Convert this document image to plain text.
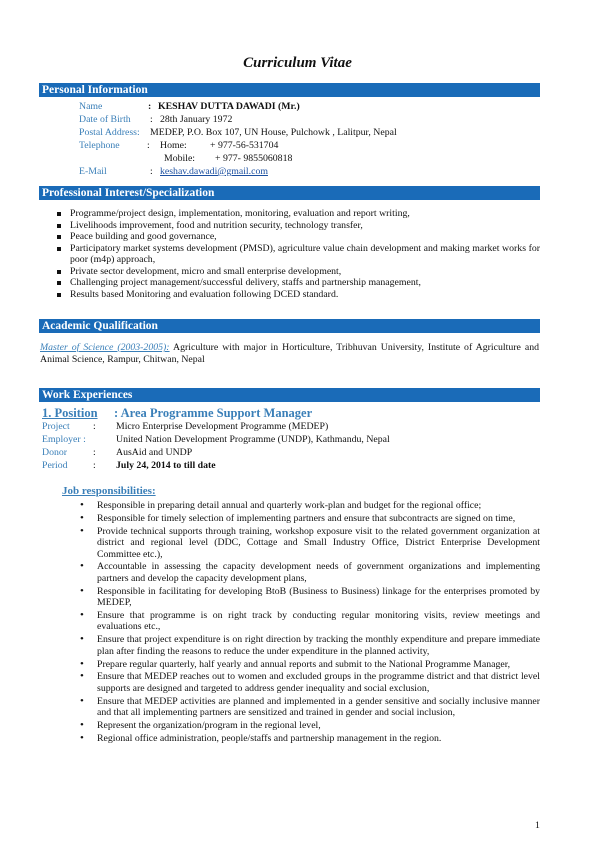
Curriculum Vitae
Personal Information
Name	: KESHAV DUTTA DAWADI (Mr.)
Date of Birth : 28th January 1972
Postal Address: MEDEP, P.O. Box 107, UN House, Pulchowk , Lalitpur, Nepal
Telephone	: Home: + 977-56-531704
Mobile: + 977- 9855060818
E-Mail	: keshav.dawadi@gmail.com
Professional Interest/Specialization
Programme/project design, implementation, monitoring, evaluation and report writing,
Livelihoods improvement, food and nutrition security, technology transfer,
Peace building and good governance,
Participatory market systems development (PMSD), agriculture value chain development and making market works for poor (m4p) approach,
Private sector development, micro and small enterprise development,
Challenging project management/successful delivery, staffs and partnership management,
Results based Monitoring and evaluation following DCED standard.
Academic Qualification
Master of Science (2003-2005): Agriculture with major in Horticulture, Tribhuvan University, Institute of Agriculture and Animal Science, Rampur, Chitwan, Nepal
Work Experiences
1. Position : Area Programme Support Manager
Project : Micro Enterprise Development Programme (MEDEP)
Employer :	United Nation Development Programme (UNDP), Kathmandu, Nepal
Donor	: AusAid and UNDP
Period	: July 24, 2014 to till date
Job responsibilities:
• Responsible in preparing detail annual and quarterly work-plan and budget for the regional office;
• Responsible for timely selection of implementing partners and ensure that subcontracts are signed on time,
• Provide technical supports through training, workshop exposure visit to the related government organization at district and regional level (DDC, Cottage and Small Industry Office, District Enterprise Development Committee etc.),
• Accountable in assessing the capacity development needs of government organizations and implementing partners and develop the capacity development plans,
• Responsible in facilitating for developing BtoB (Business to Business) linkage for the enterprises promoted by MEDEP,
• Ensure that programme is on right track by conducting regular monitoring visits, review meetings and evaluations etc.,
• Ensure that project expenditure is on right direction by tracking the monthly expenditure and prepare immediate plan after finding the reasons to reduce the under expenditure in the planned activity,
• Prepare regular quarterly, half yearly and annual reports and submit to the National Programme Manager,
• Ensure that MEDEP reaches out to women and excluded groups in the programme district and that district level supports are designed and targeted to address gender inequality and social exclusion,
• Ensure that MEDEP activities are planned and implemented in a gender sensitive and socially inclusive manner and that all implementing partners are sensitized and trained in gender and social inclusion,
• Represent the organization/program in the regional level,
• Regional office administration, people/staffs and partnership management in the region.
1
